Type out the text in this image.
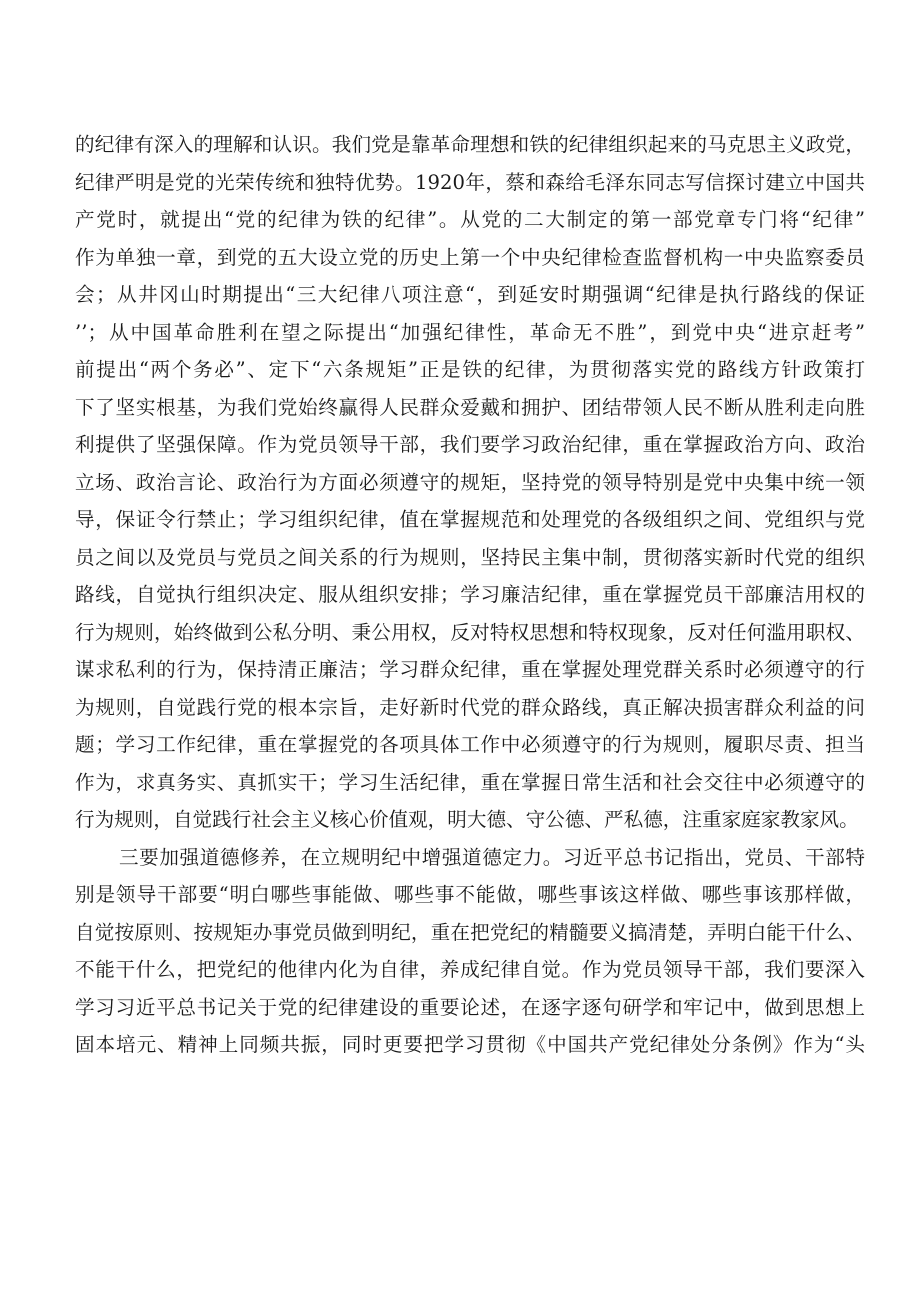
的纪律有深入的理解和认识。我们党是靠革命理想和铁的纪律组织起来的马克思主义政党，
纪律严明是党的光荣传统和独特优势。1920年，蔡和森给毛泽东同志写信探讨建立中国共
产党时，就提出“党的纪律为铁的纪律”。从党的二大制定的第一部党章专门将“纪律”
作为单独一章，到党的五大设立党的历史上第一个中央纪律检查监督机构一中央监察委员
会；从井冈山时期提出“三大纪律八项注意“，到延安时期强调“纪律是执行路线的保证
’’；从中国革命胜利在望之际提出“加强纪律性，革命无不胜”，到党中央“进京赶考”
前提出“两个务必”、定下“六条规矩”正是铁的纪律，为贯彻落实党的路线方针政策打
下了坚实根基，为我们党始终赢得人民群众爱戴和拥护、团结带领人民不断从胜利走向胜
利提供了坚强保障。作为党员领导干部，我们要学习政治纪律，重在掌握政治方向、政治
立场、政治言论、政治行为方面必须遵守的规矩，坚持党的领导特别是党中央集中统一领
导，保证令行禁止；学习组织纪律，值在掌握规范和处理党的各级组织之间、党组织与党
员之间以及党员与党员之间关系的行为规则，坚持民主集中制，贯彻落实新时代党的组织
路线，自觉执行组织决定、服从组织安排；学习廉洁纪律，重在掌握党员干部廉洁用权的
行为规则，始终做到公私分明、秉公用权，反对特权思想和特权现象，反对任何滥用职权、
谋求私利的行为，保持清正廉洁；学习群众纪律，重在掌握处理党群关系时必须遵守的行
为规则，自觉践行党的根本宗旨，走好新时代党的群众路线，真正解决损害群众利益的问
题；学习工作纪律，重在掌握党的各项具体工作中必须遵守的行为规则，履职尽责、担当
作为，求真务实、真抓实干；学习生活纪律，重在掌握日常生活和社会交往中必须遵守的
行为规则，自觉践行社会主义核心价值观，明大德、守公德、严私德，注重家庭家教家风。
三要加强道德修养，在立规明纪中增强道德定力。习近平总书记指出，党员、干部特
别是领导干部要“明白哪些事能做、哪些事不能做，哪些事该这样做、哪些事该那样做，
自觉按原则、按规矩办事党员做到明纪，重在把党纪的精髓要义搞清楚，弄明白能干什么、
不能干什么，把党纪的他律内化为自律，养成纪律自觉。作为党员领导干部，我们要深入
学习习近平总书记关于党的纪律建设的重要论述，在逐字逐句研学和牢记中，做到思想上
固本培元、精神上同频共振，同时更要把学习贯彻《中国共产党纪律处分条例》作为“头
